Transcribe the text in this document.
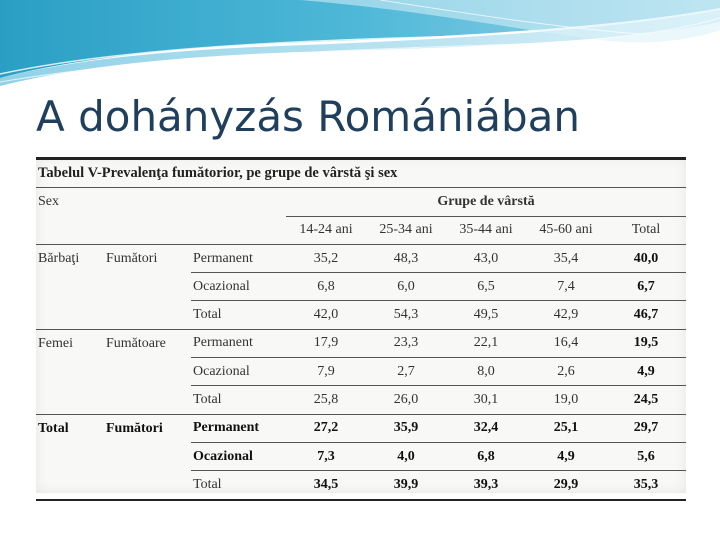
A dohányzás Romániában
Tabelul V-Prevalenţa fumătorior, pe grupe de vârstă şi sex							
Sex			Grupe de vârstă				
			14-24 ani	25-34 ani	35-44 ani	45-60 ani	Total
Bărbaţi	Fumători	Permanent	35,2	48,3	43,0	35,4	40,0
		Ocazional	6,8	6,0	6,5	7,4	6,7
		Total	42,0	54,3	49,5	42,9	46,7
Femei	Fumătoare	Permanent	17,9	23,3	22,1	16,4	19,5
		Ocazional	7,9	2,7	8,0	2,6	4,9
		Total	25,8	26,0	30,1	19,0	24,5
Total	Fumători	Permanent	27,2	35,9	32,4	25,1	29,7
		Ocazional	7,3	4,0	6,8	4,9	5,6
		Total	34,5	39,9	39,3	29,9	35,3
